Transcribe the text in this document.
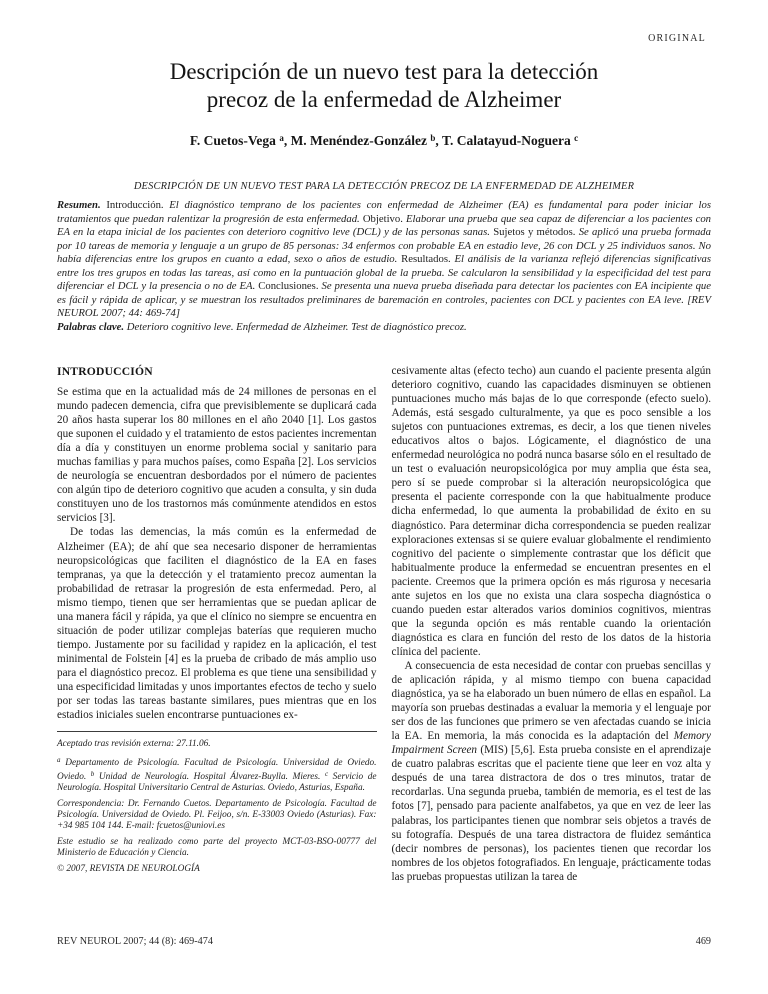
ORIGINAL
Descripción de un nuevo test para la detección
precoz de la enfermedad de Alzheimer
F. Cuetos-Vega $^a$, M. Menéndez-González $^b$, T. Calatayud-Noguera $^c$
DESCRIPCIÓN DE UN NUEVO TEST PARA LA DETECCIÓN PRECOZ DE LA ENFERMEDAD DE ALZHEIMER
Resumen. Introducción. El diagnóstico temprano de los pacientes con enfermedad de Alzheimer (EA) es fundamental para poder iniciar los tratamientos que puedan ralentizar la progresión de esta enfermedad. Objetivo. Elaborar una prueba que sea capaz de diferenciar a los pacientes con EA en la etapa inicial de los pacientes con deterioro cognitivo leve (DCL) y de las personas sanas. Sujetos y métodos. Se aplicó una prueba formada por 10 tareas de memoria y lenguaje a un grupo de 85 personas: 34 enfermos con probable EA en estadio leve, 26 con DCL y 25 individuos sanos. No había diferencias entre los grupos en cuanto a edad, sexo o años de estudio. Resultados. El análisis de la varianza reflejó diferencias significativas entre los tres grupos en todas las tareas, así como en la puntuación global de la prueba. Se calcularon la sensibilidad y la especificidad del test para diferenciar el DCL y la presencia o no de EA. Conclusiones. Se presenta una nueva prueba diseñada para detectar los pacientes con EA incipiente que es fácil y rápida de aplicar, y se muestran los resultados preliminares de baremación en controles, pacientes con DCL y pacientes con EA leve. [REV NEUROL 2007; 44: 469-74]
Palabras clave. Deterioro cognitivo leve. Enfermedad de Alzheimer. Test de diagnóstico precoz.
INTRODUCCIÓN

Se estima que en la actualidad más de 24 millones de personas en el mundo padecen demencia, cifra que previsiblemente se duplicará cada 20 años hasta superar los 80 millones en el año 2040 [1]. Los gastos que suponen el cuidado y el tratamiento de estos pacientes incrementan día a día y constituyen un enorme problema social y sanitario para muchas familias y para muchos países, como España [2]. Los servicios de neurología se encuentran desbordados por el número de pacientes con algún tipo de deterioro cognitivo que acuden a consulta, y sin duda constituyen uno de los trastornos más comúnmente atendidos en estos servicios [3].

De todas las demencias, la más común es la enfermedad de Alzheimer (EA); de ahí que sea necesario disponer de herramientas neuropsicológicas que faciliten el diagnóstico de la EA en fases tempranas, ya que la detección y el tratamiento precoz aumentan la probabilidad de retrasar la progresión de esta enfermedad. Pero, al mismo tiempo, tienen que ser herramientas que se puedan aplicar de una manera fácil y rápida, ya que el clínico no siempre se encuentra en situación de poder utilizar complejas baterías que requieren mucho tiempo. Justamente por su facilidad y rapidez en la aplicación, el test minimental de Folstein [4] es la prueba de cribado de más amplio uso para el diagnóstico precoz. El problema es que tiene una sensibilidad y una especificidad limitadas y unos importantes efectos de techo y suelo por ser todas las tareas bastante similares, pues mientras que en los estadios iniciales suelen encontrarse puntuaciones ex-

Aceptado tras revisión externa: 27.11.06.

$^a$ Departamento de Psicología. Facultad de Psicología. Universidad de Oviedo. Oviedo. $^b$ Unidad de Neurología. Hospital Álvarez-Buylla. Mieres. $^c$ Servicio de Neurología. Hospital Universitario Central de Asturias. Oviedo, Asturias, España.

Correspondencia: Dr. Fernando Cuetos. Departamento de Psicología. Facultad de Psicología. Universidad de Oviedo. Pl. Feijoo, s/n. E-33003 Oviedo (Asturias). Fax: +34 985 104 144. E-mail: fcuetos@uniovi.es

Este estudio se ha realizado como parte del proyecto MCT-03-BSO-00777 del Ministerio de Educación y Ciencia.

© 2007, REVISTA DE NEUROLOGÍA

cesivamente altas (efecto techo) aun cuando el paciente presenta algún deterioro cognitivo, cuando las capacidades disminuyen se obtienen puntuaciones mucho más bajas de lo que corresponde (efecto suelo). Además, está sesgado culturalmente, ya que es poco sensible a los sujetos con puntuaciones extremas, es decir, a los que tienen niveles educativos altos o bajos. Lógicamente, el diagnóstico de una enfermedad neurológica no podrá nunca basarse sólo en el resultado de un test o evaluación neuropsicológica por muy amplia que ésta sea, pero sí se puede comprobar si la alteración neuropsicológica que presenta el paciente corresponde con la que habitualmente produce dicha enfermedad, lo que aumenta la probabilidad de éxito en su diagnóstico. Para determinar dicha correspondencia se pueden realizar exploraciones extensas si se quiere evaluar globalmente el rendimiento cognitivo del paciente o simplemente contrastar que los déficit que habitualmente produce la enfermedad se encuentran presentes en el paciente. Creemos que la primera opción es más rigurosa y necesaria ante sujetos en los que no exista una clara sospecha diagnóstica o cuando pueden estar alterados varios dominios cognitivos, mientras que la segunda opción es más rentable cuando la orientación diagnóstica es clara en función del resto de los datos de la historia clínica del paciente.

A consecuencia de esta necesidad de contar con pruebas sencillas y de aplicación rápida, y al mismo tiempo con buena capacidad diagnóstica, ya se ha elaborado un buen número de ellas en español. La mayoría son pruebas destinadas a evaluar la memoria y el lenguaje por ser dos de las funciones que primero se ven afectadas cuando se inicia la EA. En memoria, la más conocida es la adaptación del Memory Impairment Screen (MIS) [5,6]. Esta prueba consiste en el aprendizaje de cuatro palabras escritas que el paciente tiene que leer en voz alta y después de una tarea distractora de dos o tres minutos, tratar de recordarlas. Una segunda prueba, también de memoria, es el test de las fotos [7], pensado para paciente analfabetos, ya que en vez de leer las palabras, los participantes tienen que nombrar seis objetos a través de su fotografía. Después de una tarea distractora de fluidez semántica (decir nombres de personas), los pacientes tienen que recordar los nombres de los objetos fotografiados. En lenguaje, prácticamente todas las pruebas propuestas utilizan la tarea de

REV NEUROL 2007; 44 (8): 469-474	469
